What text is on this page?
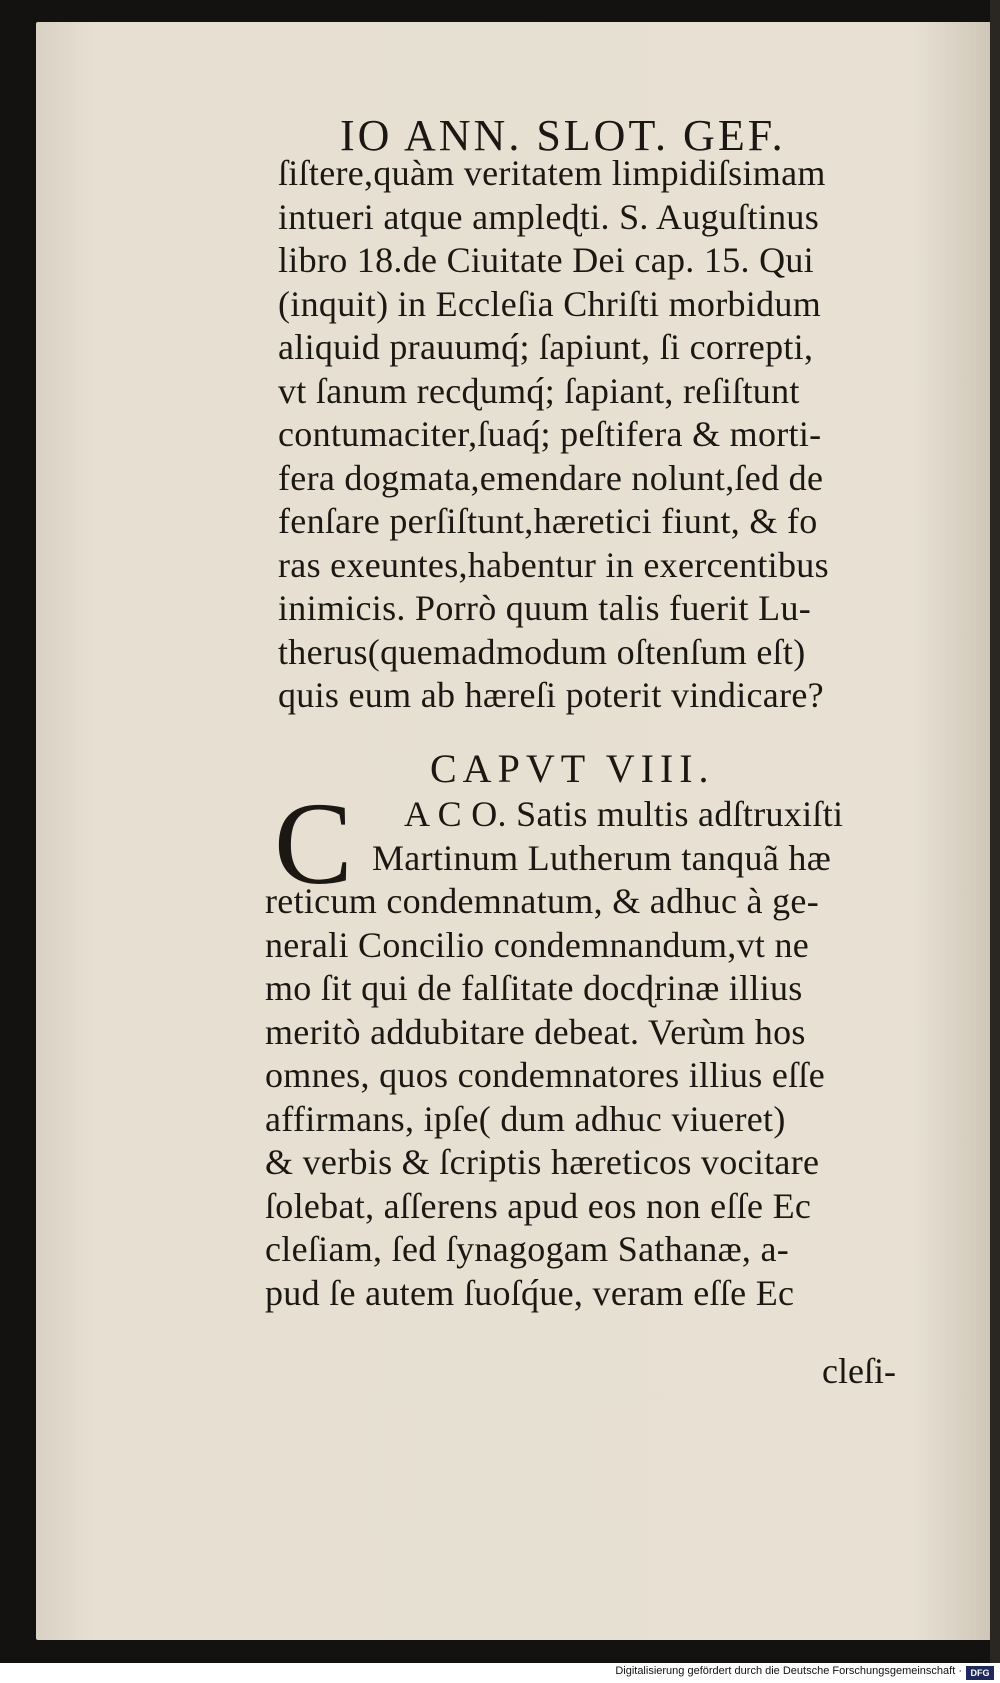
IO ANN. SLOT. GEF.
ſiſtere,quàm veritatem limpidiſsimam
intueri atque ampleɖti. S. Auguſtinus
libro 18.de Ciuitate Dei cap. 15. Qui
(inquit) in Eccleſia Chriſti morbidum
aliquid prauumq́; ſapiunt, ſi correpti,
vt ſanum recɖumq́; ſapiant, reſiſtunt
contumaciter,ſuaq́; peſtifera & morti-
fera dogmata,emendare nolunt,ſed de
fenſare perſiſtunt,hæretici fiunt, & fo
ras exeuntes,habentur in exercentibus
inimicis. Porrò quum talis fuerit Lu-
therus(quemadmodum oſtenſum eſt)
quis eum ab hæreſi poterit vindicare?
CAPVT VIII.
C A C O. Satis multis adſtruxiſti
Martinum Lutherum tanquã hæ
reticum condemnatum, & adhuc à ge-
nerali Concilio condemnandum,vt ne
mo ſit qui de falſitate docɖrinæ illius
meritò addubitare debeat. Verùm hos
omnes, quos condemnatores illius eſſe
affirmans, ipſe( dum adhuc viueret)
& verbis & ſcriptis hæreticos vocitare
ſolebat, aſſerens apud eos non eſſe Ec
cleſiam, ſed ſynagogam Sathanæ, a-
pud ſe autem ſuoſq́ue, veram eſſe Ec
cleſi-
Digitalisierung gefördert durch die Deutsche Forschungsgemeinschaft · DFG
